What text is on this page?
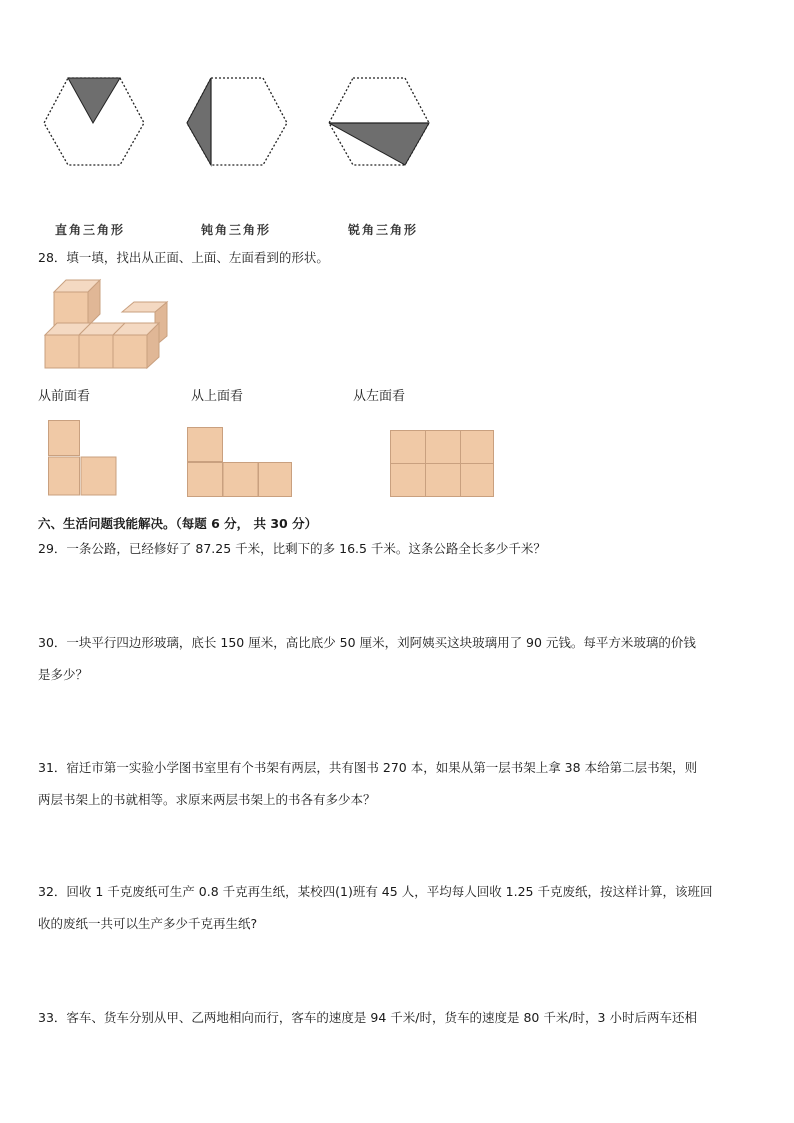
直角三角形	钝角三角形	锐角三角形
28．填一填，找出从正面、上面、左面看到的形状。
从前面看	从上面看	从左面看
六、生活问题我能解决。（每题 6 分， 共 30 分）
29．一条公路，已经修好了 87.25 千米，比剩下的多 16.5 千米。这条公路全长多少千米？
30．一块平行四边形玻璃，底长 150 厘米，高比底少 50 厘米，刘阿姨买这块玻璃用了 90 元钱。每平方米玻璃的价钱
是多少？
31．宿迁市第一实验小学图书室里有个书架有两层，共有图书 270 本，如果从第一层书架上拿 38 本给第二层书架，则
两层书架上的书就相等。求原来两层书架上的书各有多少本？
32．回收 1 千克废纸可生产 0.8 千克再生纸，某校四(1)班有 45 人，平均每人回收 1.25 千克废纸，按这样计算，该班回
收的废纸一共可以生产多少千克再生纸?
33．客车、货车分别从甲、乙两地相向而行，客车的速度是 94 千米/时，货车的速度是 80 千米/时，3 小时后两车还相
